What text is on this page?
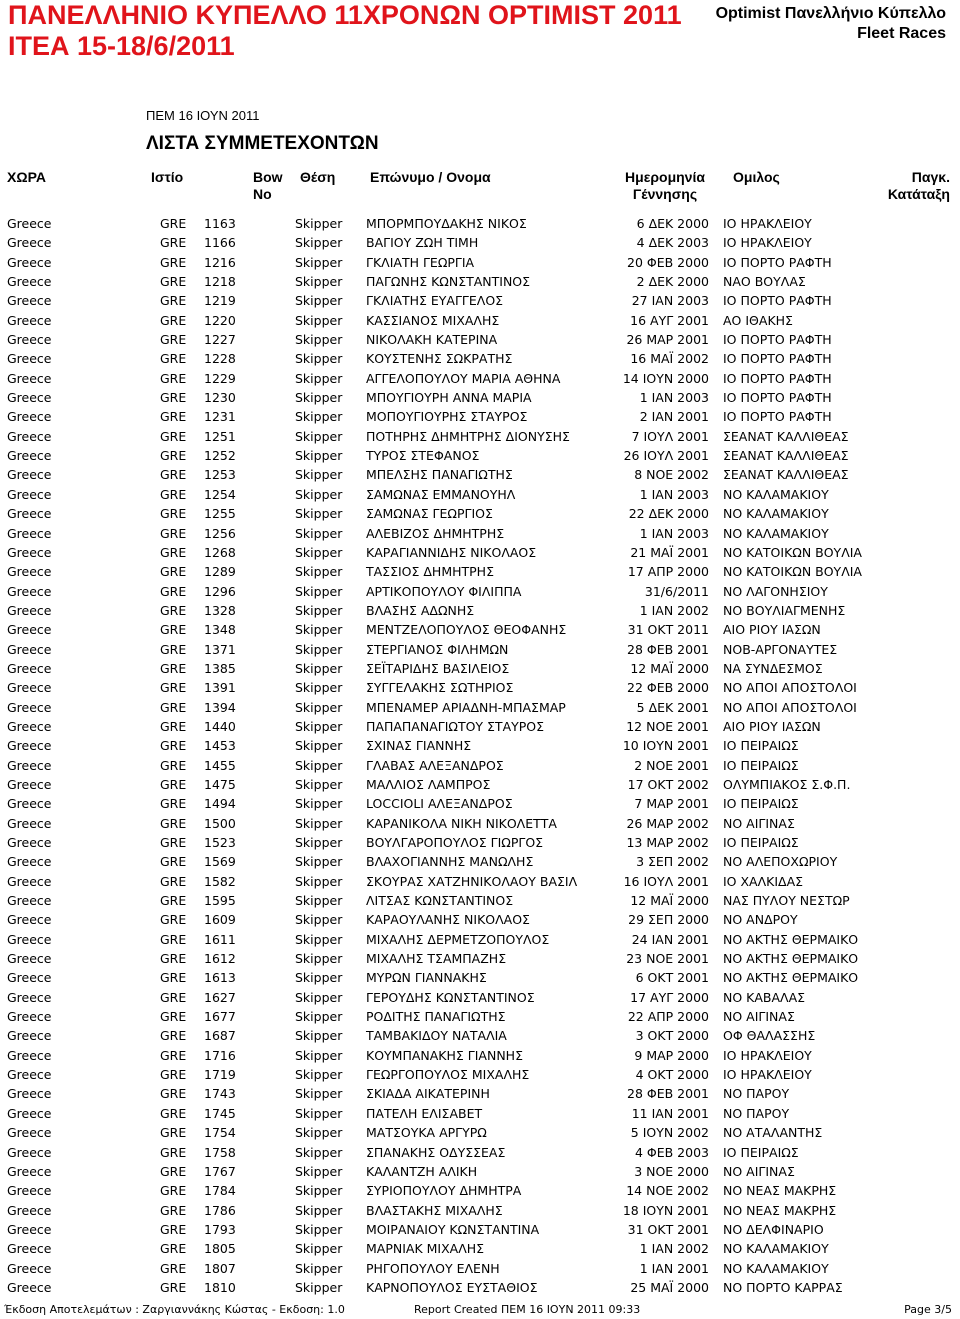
ΠΑΝΕΛΛΗΝΙΟ ΚΥΠΕΛΛΟ 11ΧΡΟΝΩΝ OPTIMIST 2011
ΙΤΕΑ 15-18/6/2011
Optimist Πανελλήνιο Κύπελλο
Fleet Races
ΠΕΜ 16 ΙΟΥΝ 2011
ΛΙΣΤΑ ΣΥΜΜΕΤΕΧΟΝΤΩΝ
ΧΩΡΑ	Ιστίο	Bow
No
Θέση Επώνυμο / Ονομα	Ημερομηνία
Γέννησης
Ομιλος	Παγκ.
Κατάταξη
Greece	GRE 1163	Skipper ΜΠΟΡΜΠΟΥΔΑΚΗΣ ΝΙΚΟΣ	6 ΔΕΚ 2000 ΙΟ ΗΡΑΚΛΕΙΟΥ
Greece	GRE 1166	Skipper ΒΑΓΙΟΥ ΖΩΗ ΤΙΜΗ	4 ΔΕΚ 2003 ΙΟ ΗΡΑΚΛΕΙΟΥ
Greece	GRE 1216	Skipper ΓΚΛΙΑΤΗ ΓΕΩΡΓΙΑ	20 ΦΕΒ 2000 ΙΟ ΠΟΡΤΟ ΡΑΦΤΗ
Greece	GRE 1218	Skipper ΠΑΓΩΝΗΣ ΚΩΝΣΤΑΝΤΙΝΟΣ	2 ΔΕΚ 2000 ΝΑΟ ΒΟΥΛΑΣ
Greece	GRE 1219	Skipper ΓΚΛΙΑΤΗΣ ΕΥΑΓΓΕΛΟΣ	27 ΙΑΝ 2003 ΙΟ ΠΟΡΤΟ ΡΑΦΤΗ
Greece	GRE 1220	Skipper ΚΑΣΣΙΑΝΟΣ ΜΙΧΑΛΗΣ	16 ΑΥΓ 2001 ΑΟ ΙΘΑΚΗΣ
Greece	GRE 1227	Skipper ΝΙΚΟΛΑΚΗ ΚΑΤΕΡΙΝΑ	26 ΜΑΡ 2001 ΙΟ ΠΟΡΤΟ ΡΑΦΤΗ
Greece	GRE 1228	Skipper ΚΟΥΣΤΕΝΗΣ ΣΩΚΡΑΤΗΣ	16 ΜΑΪ 2002 ΙΟ ΠΟΡΤΟ ΡΑΦΤΗ
Greece	GRE 1229	Skipper ΑΓΓΕΛΟΠΟΥΛΟΥ ΜΑΡΙΑ ΑΘΗΝΑ	14 ΙΟΥΝ 2000 ΙΟ ΠΟΡΤΟ ΡΑΦΤΗ
Greece	GRE 1230	Skipper ΜΠΟΥΓΙΟΥΡΗ ΑΝΝΑ ΜΑΡΙΑ	1 ΙΑΝ 2003 ΙΟ ΠΟΡΤΟ ΡΑΦΤΗ
Greece	GRE 1231	Skipper ΜΟΠΟΥΓΙΟΥΡΗΣ ΣΤΑΥΡΟΣ	2 ΙΑΝ 2001 ΙΟ ΠΟΡΤΟ ΡΑΦΤΗ
Greece	GRE 1251	Skipper ΠΟΤΗΡΗΣ ΔΗΜΗΤΡΗΣ ΔΙΟΝΥΣΗΣ	7 ΙΟΥΛ 2001 ΣΕΑΝΑΤ ΚΑΛΛΙΘΕΑΣ
Greece	GRE 1252	Skipper ΤΥΡΟΣ ΣΤΕΦΑΝΟΣ	26 ΙΟΥΛ 2001 ΣΕΑΝΑΤ ΚΑΛΛΙΘΕΑΣ
Greece	GRE 1253	Skipper ΜΠΕΛΣΗΣ ΠΑΝΑΓΙΩΤΗΣ	8 ΝΟΕ 2002 ΣΕΑΝΑΤ ΚΑΛΛΙΘΕΑΣ
Greece	GRE 1254	Skipper ΣΑΜΩΝΑΣ ΕΜΜΑΝΟΥΗΛ	1 ΙΑΝ 2003 ΝΟ ΚΑΛΑΜΑΚΙΟΥ
Greece	GRE 1255	Skipper ΣΑΜΩΝΑΣ ΓΕΩΡΓΙΟΣ	22 ΔΕΚ 2000 ΝΟ ΚΑΛΑΜΑΚΙΟΥ
Greece	GRE 1256	Skipper ΑΛΕΒΙΖΟΣ ΔΗΜΗΤΡΗΣ	1 ΙΑΝ 2003 ΝΟ ΚΑΛΑΜΑΚΙΟΥ
Greece	GRE 1268	Skipper ΚΑΡΑΓΙΑΝΝΙΔΗΣ ΝΙΚΟΛΑΟΣ	21 ΜΑΪ 2001 ΝΟ ΚΑΤΟΙΚΩΝ ΒΟΥΛΙΑ
Greece	GRE 1289	Skipper ΤΑΣΣΙΟΣ ΔΗΜΗΤΡΗΣ	17 ΑΠΡ 2000 ΝΟ ΚΑΤΟΙΚΩΝ ΒΟΥΛΙΑ
Greece	GRE 1296	Skipper ΑΡΤΙΚΟΠΟΥΛΟΥ ΦΙΛΙΠΠΑ	31/6/2011 ΝΟ ΛΑΓΟΝΗΣΙΟΥ
Greece	GRE 1328	Skipper ΒΛΑΣΗΣ ΑΔΩΝΗΣ	1 ΙΑΝ 2002 ΝΟ ΒΟΥΛΙΑΓΜΕΝΗΣ
Greece	GRE 1348	Skipper ΜΕΝΤΖΕΛΟΠΟΥΛΟΣ ΘΕΟΦΑΝΗΣ	31 ΟΚΤ 2011 ΑΙΟ ΡΙΟΥ ΙΑΣΩΝ
Greece	GRE 1371	Skipper ΣΤΕΡΓΙΑΝΟΣ ΦΙΛΗΜΩΝ	28 ΦΕΒ 2001 ΝΟΒ-ΑΡΓΟΝΑΥΤΕΣ
Greece	GRE 1385	Skipper ΣΕΪΤΑΡΙΔΗΣ ΒΑΣΙΛΕΙΟΣ	12 ΜΑΪ 2000 ΝΑ ΣΥΝΔΕΣΜΟΣ
Greece	GRE 1391	Skipper ΣΥΓΓΕΛΑΚΗΣ ΣΩΤΗΡΙΟΣ	22 ΦΕΒ 2000 ΝΟ ΑΠΟΙ ΑΠΟΣΤΟΛΟΙ
Greece	GRE 1394	Skipper ΜΠΕΝΑΜΕΡ ΑΡΙΑΔΝΗ-ΜΠΑΣΜΑΡ	5 ΔΕΚ 2001 ΝΟ ΑΠΟΙ ΑΠΟΣΤΟΛΟΙ
Greece	GRE 1440	Skipper ΠΑΠΑΠΑΝΑΓΙΩΤΟΥ ΣΤΑΥΡΟΣ	12 ΝΟΕ 2001 ΑΙΟ ΡΙΟΥ ΙΑΣΩΝ
Greece	GRE 1453	Skipper ΣΧΙΝΑΣ ΓΙΑΝΝΗΣ	10 ΙΟΥΝ 2001 ΙΟ ΠΕΙΡΑΙΩΣ
Greece	GRE 1455	Skipper ΓΛΑΒΑΣ ΑΛΕΞΑΝΔΡΟΣ	2 ΝΟΕ 2001 ΙΟ ΠΕΙΡΑΙΩΣ
Greece	GRE 1475	Skipper ΜΑΛΛΙΟΣ ΛΑΜΠΡΟΣ	17 ΟΚΤ 2002 ΟΛΥΜΠΙΑΚΟΣ Σ.Φ.Π.
Greece	GRE 1494	Skipper LOCCIOLI ΑΛΕΞΑΝΔΡΟΣ	7 ΜΑΡ 2001 ΙΟ ΠΕΙΡΑΙΩΣ
Greece	GRE 1500	Skipper ΚΑΡΑΝΙΚΟΛΑ ΝΙΚΗ ΝΙΚΟΛΕΤΤΑ	26 ΜΑΡ 2002 ΝΟ ΑΙΓΙΝΑΣ
Greece	GRE 1523	Skipper ΒΟΥΛΓΑΡΟΠΟΥΛΟΣ ΓΙΩΡΓΟΣ	13 ΜΑΡ 2002 ΙΟ ΠΕΙΡΑΙΩΣ
Greece	GRE 1569	Skipper ΒΛΑΧΟΓΙΑΝΝΗΣ ΜΑΝΩΛΗΣ	3 ΣΕΠ 2002 ΝΟ ΑΛΕΠΟΧΩΡΙΟΥ
Greece	GRE 1582	Skipper ΣΚΟΥΡΑΣ ΧΑΤΖΗΝΙΚΟΛΑΟΥ ΒΑΣΙΛ	16 ΙΟΥΛ 2001 ΙΟ ΧΑΛΚΙΔΑΣ
Greece	GRE 1595	Skipper ΛΙΤΣΑΣ ΚΩΝΣΤΑΝΤΙΝΟΣ	12 ΜΑΪ 2000 ΝΑΣ ΠΥΛΟΥ ΝΕΣΤΩΡ
Greece	GRE 1609	Skipper ΚΑΡΑΟΥΛΑΝΗΣ ΝΙΚΟΛΑΟΣ	29 ΣΕΠ 2000 ΝΟ ΑΝΔΡΟΥ
Greece	GRE 1611	Skipper ΜΙΧΑΛΗΣ ΔΕΡΜΕΤΖΟΠΟΥΛΟΣ	24 ΙΑΝ 2001 ΝΟ ΑΚΤΗΣ ΘΕΡΜΑΙΚΟ
Greece	GRE 1612	Skipper ΜΙΧΑΛΗΣ ΤΣΑΜΠΑΖΗΣ	23 ΝΟΕ 2001 ΝΟ ΑΚΤΗΣ ΘΕΡΜΑΙΚΟ
Greece	GRE 1613	Skipper ΜΥΡΩΝ ΓΙΑΝΝΑΚΗΣ	6 ΟΚΤ 2001 ΝΟ ΑΚΤΗΣ ΘΕΡΜΑΙΚΟ
Greece	GRE 1627	Skipper ΓΕΡΟΥΔΗΣ ΚΩΝΣΤΑΝΤΙΝΟΣ	17 ΑΥΓ 2000 ΝΟ ΚΑΒΑΛΑΣ
Greece	GRE 1677	Skipper ΡΟΔΙΤΗΣ ΠΑΝΑΓΙΩΤΗΣ	22 ΑΠΡ 2000 ΝΟ ΑΙΓΙΝΑΣ
Greece	GRE 1687	Skipper ΤΑΜΒΑΚΙΔΟΥ ΝΑΤΑΛΙΑ	3 ΟΚΤ 2000 ΟΦ ΘΑΛΑΣΣΗΣ
Greece	GRE 1716	Skipper ΚΟΥΜΠΑΝΑΚΗΣ ΓΙΑΝΝΗΣ	9 ΜΑΡ 2000 ΙΟ ΗΡΑΚΛΕΙΟΥ
Greece	GRE 1719	Skipper ΓΕΩΡΓΟΠΟΥΛΟΣ ΜΙΧΑΛΗΣ	4 ΟΚΤ 2000 ΙΟ ΗΡΑΚΛΕΙΟΥ
Greece	GRE 1743	Skipper ΣΚΙΑΔΑ ΑΙΚΑΤΕΡΙΝΗ	28 ΦΕΒ 2001 ΝΟ ΠΑΡΟΥ
Greece	GRE 1745	Skipper ΠΑΤΕΛΗ ΕΛΙΣΑΒΕΤ	11 ΙΑΝ 2001 ΝΟ ΠΑΡΟΥ
Greece	GRE 1754	Skipper ΜΑΤΣΟΥΚΑ ΑΡΓΥΡΩ	5 ΙΟΥΝ 2002 ΝΟ ΑΤΑΛΑΝΤΗΣ
Greece	GRE 1758	Skipper ΣΠΑΝΑΚΗΣ ΟΔΥΣΣΕΑΣ	4 ΦΕΒ 2003 ΙΟ ΠΕΙΡΑΙΩΣ
Greece	GRE 1767	Skipper ΚΑΛΑΝΤΖΗ ΑΛΙΚΗ	3 ΝΟΕ 2000 ΝΟ ΑΙΓΙΝΑΣ
Greece	GRE 1784	Skipper ΣΥΡΙΟΠΟΥΛΟΥ ΔΗΜΗΤΡΑ	14 ΝΟΕ 2002 ΝΟ ΝΕΑΣ ΜΑΚΡΗΣ
Greece	GRE 1786	Skipper ΒΛΑΣΤΑΚΗΣ ΜΙΧΑΛΗΣ	18 ΙΟΥΝ 2001 ΝΟ ΝΕΑΣ ΜΑΚΡΗΣ
Greece	GRE 1793	Skipper ΜΟΙΡΑΝΑΙΟΥ ΚΩΝΣΤΑΝΤΙΝΑ	31 ΟΚΤ 2001 ΝΟ ΔΕΛΦΙΝΑΡΙΟ
Greece	GRE 1805	Skipper ΜΑΡΝΙΑΚ ΜΙΧΑΛΗΣ	1 ΙΑΝ 2002 ΝΟ ΚΑΛΑΜΑΚΙΟΥ
Greece	GRE 1807	Skipper ΡΗΓΟΠΟΥΛΟΥ ΕΛΕΝΗ	1 ΙΑΝ 2001 ΝΟ ΚΑΛΑΜΑΚΙΟΥ
Greece	GRE 1810	Skipper ΚΑΡΝΟΠΟΥΛΟΣ ΕΥΣΤΑΘΙΟΣ	25 ΜΑΪ 2000 ΝΟ ΠΟΡΤΟ ΚΑΡΡΑΣ
Έκδοση Αποτελεμάτων : Ζαργιαννάκης Κώστας - Εκδοση: 1.0	Report Created ΠΕΜ 16 ΙΟΥΝ 2011 09:33	Page 3/5
